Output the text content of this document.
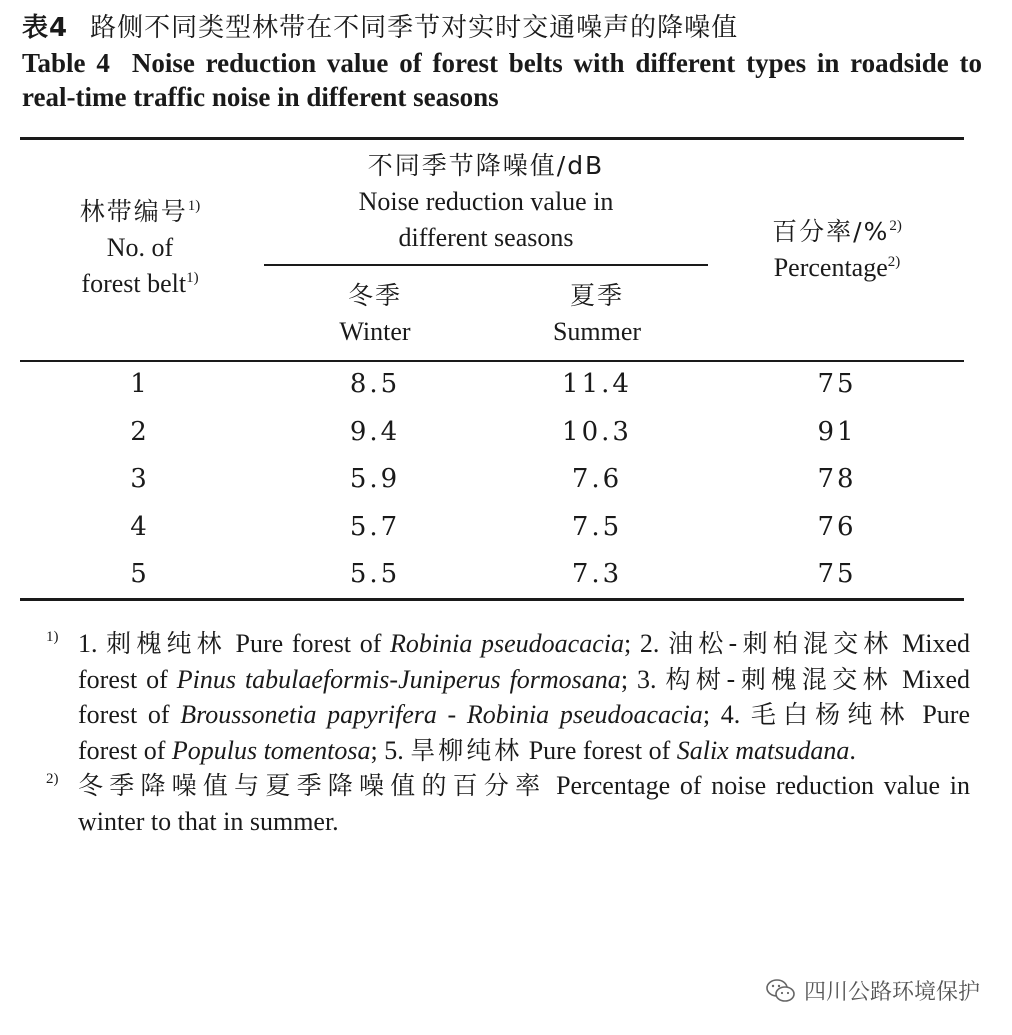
表4 路侧不同类型林带在不同季节对实时交通噪声的降噪值
Table 4 Noise reduction value of forest belts with different types in roadside to real-time traffic noise in different seasons
林带编号$^{1)}$
No. of
forest belt$^{1)}$
不同季节降噪值/dB
Noise reduction value in
different seasons
冬季
Winter
夏季
Summer
百分率/%$^{2)}$
Percentage$^{2)}$
1	8.5	11.4	75
2	9.4	10.3	91
3	5.9	7.6	78
4	5.7	7.5	76
5	5.5	7.3	75
1) 1. 刺槐纯林 Pure forest of Robinia pseudoacacia; 2. 油松-刺柏混交林 Mixed forest of Pinus tabulaeformis-Juniperus formosana; 3. 构树-刺槐混交林 Mixed forest of Broussonetia papyrifera - Robinia pseudoacacia; 4. 毛白杨纯林 Pure forest of Populus tomentosa; 5. 旱柳纯林 Pure forest of Salix matsudana.
2) 冬季降噪值与夏季降噪值的百分率 Percentage of noise reduction value in winter to that in summer.
四川公路环境保护
